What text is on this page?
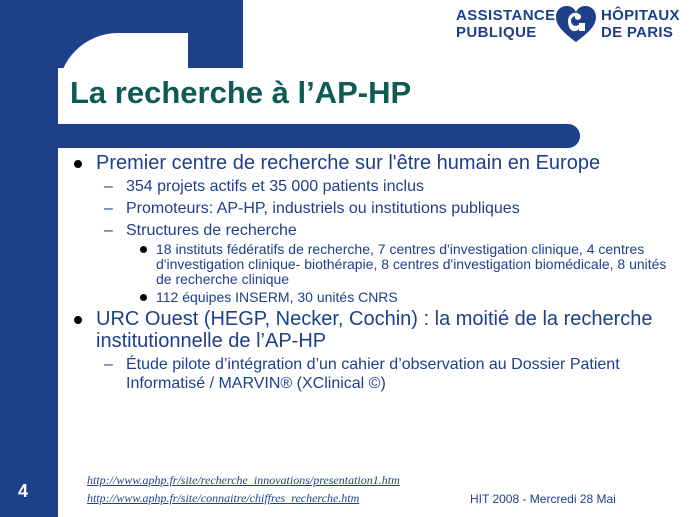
ASSISTANCE
PUBLIQUE
HÔPITAUX
DE PARIS
La recherche à l’AP-HP
Premier centre de recherche sur l'être humain en Europe
– 354 projets actifs et 35 000 patients inclus
– Promoteurs: AP-HP, industriels ou institutions publiques
– Structures de recherche
18 instituts fédératifs de recherche, 7 centres d'investigation clinique, 4 centres d'investigation clinique- biothérapie, 8 centres d'investigation biomédicale, 8 unités de recherche clinique
112 équipes INSERM, 30 unités CNRS
URC Ouest (HEGP, Necker, Cochin) : la moitié de la recherche institutionnelle de l’AP-HP
– Étude pilote d’intégration d’un cahier d’observation au Dossier Patient Informatisé / MARVIN® (XClinical ©)
http://www.aphp.fr/site/recherche_innovations/presentation1.htm
http://www.aphp.fr/site/connaitre/chiffres_recherche.htm
4	HIT 2008 - Mercredi 28 Mai
